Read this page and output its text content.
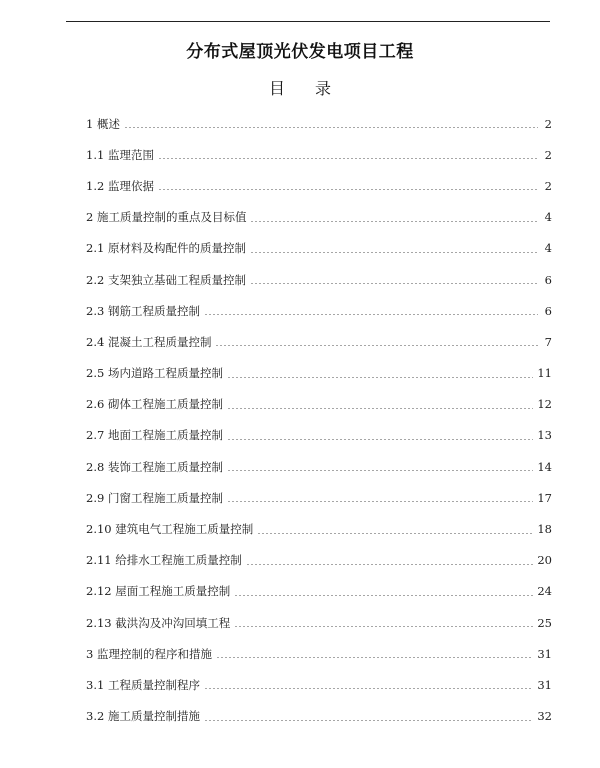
分布式屋顶光伏发电项目工程
目录
1 概述	2
1.1 监理范围	2
1.2 监理依据	2
2 施工质量控制的重点及目标值	4
2.1 原材料及构配件的质量控制	4
2.2 支架独立基础工程质量控制	6
2.3 钢筋工程质量控制	6
2.4 混凝土工程质量控制	7
2.5 场内道路工程质量控制	11
2.6 砌体工程施工质量控制	12
2.7 地面工程施工质量控制	13
2.8 装饰工程施工质量控制	14
2.9 门窗工程施工质量控制	17
2.10 建筑电气工程施工质量控制	18
2.11 给排水工程施工质量控制	20
2.12 屋面工程施工质量控制	24
2.13 截洪沟及冲沟回填工程	25
3 监理控制的程序和措施	31
3.1 工程质量控制程序	31
3.2 施工质量控制措施	32
